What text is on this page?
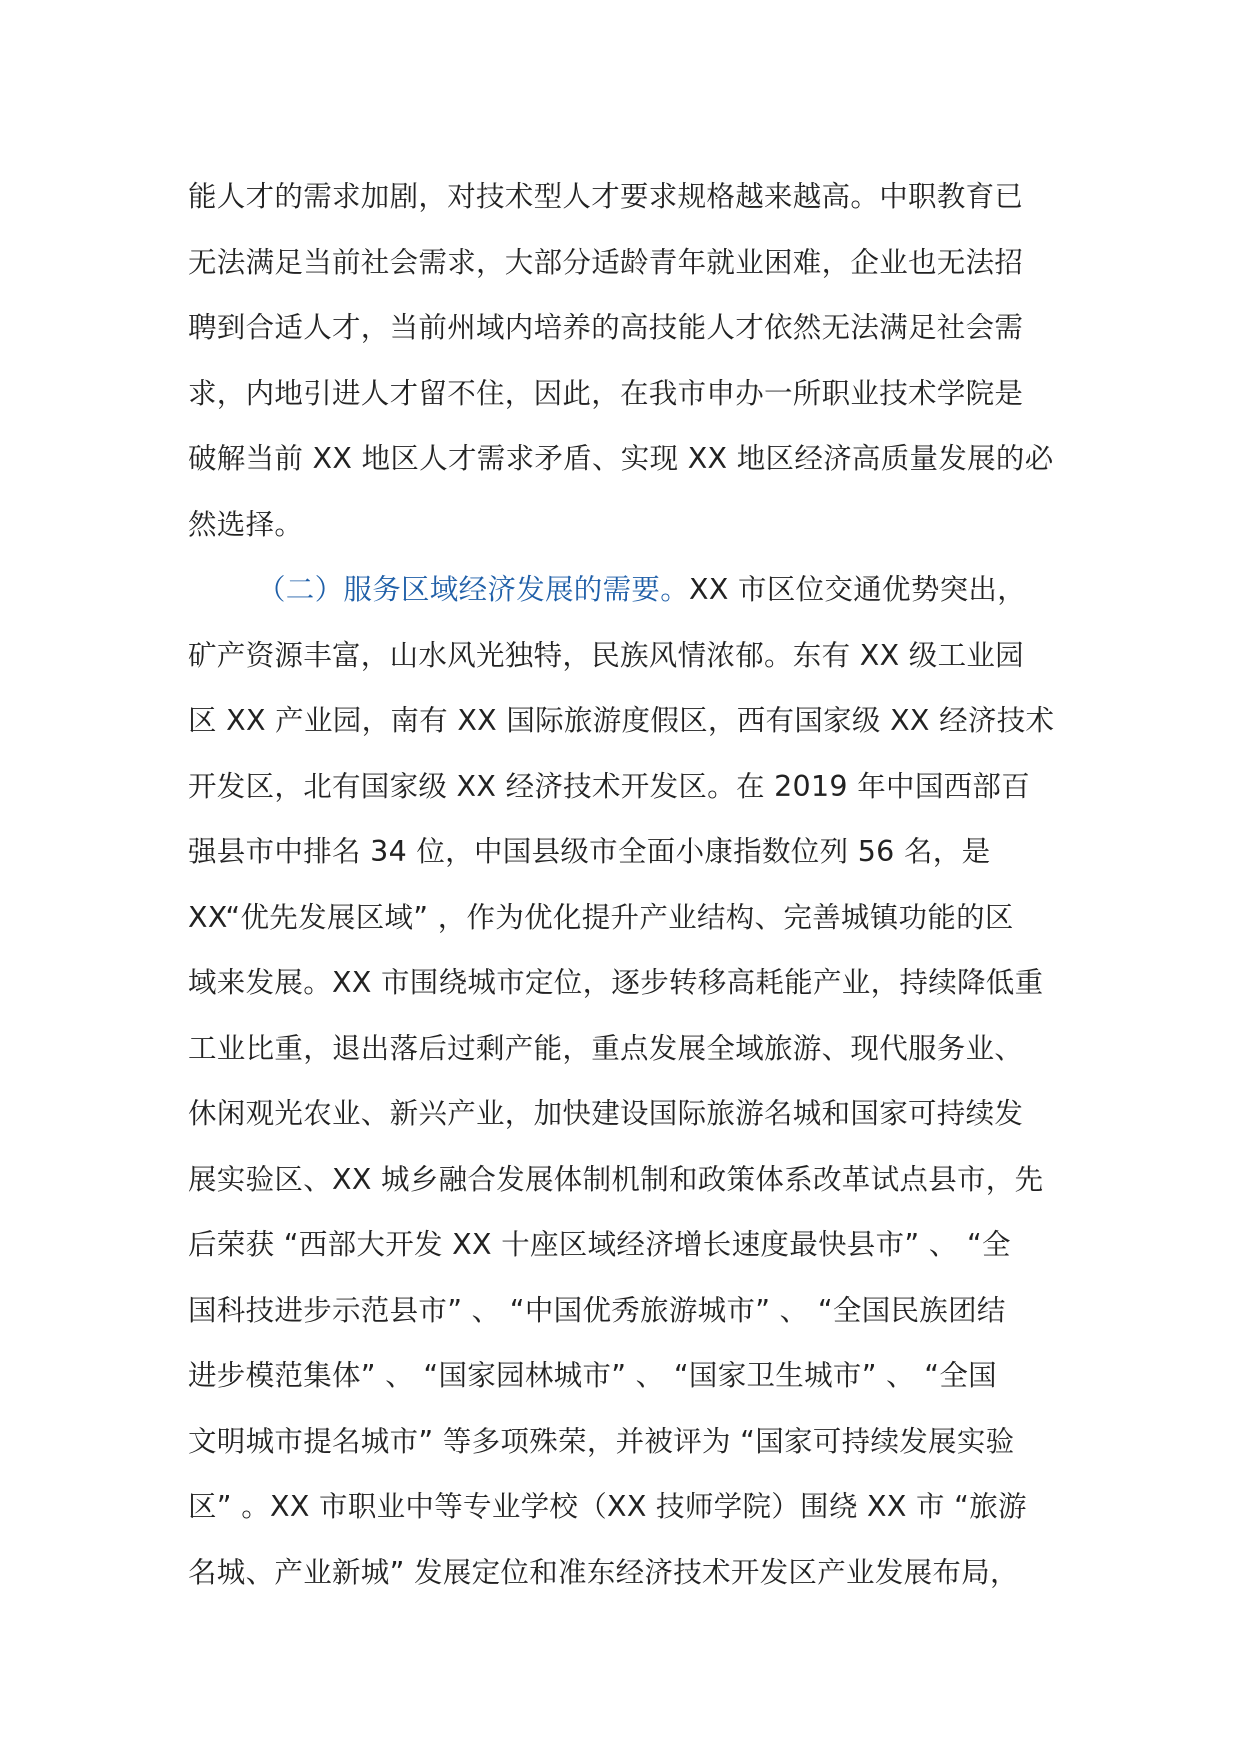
能人才的需求加剧，对技术型人才要求规格越来越高。中职教育已
无法满足当前社会需求，大部分适龄青年就业困难，企业也无法招
聘到合适人才，当前州域内培养的高技能人才依然无法满足社会需
求，内地引进人才留不住，因此，在我市申办一所职业技术学院是
破解当前 XX 地区人才需求矛盾、实现 XX 地区经济高质量发展的必
然选择。
（二）服务区域经济发展的需要。XX 市区位交通优势突出，
矿产资源丰富，山水风光独特，民族风情浓郁。东有 XX 级工业园
区 XX 产业园，南有 XX 国际旅游度假区，西有国家级 XX 经济技术
开发区，北有国家级 XX 经济技术开发区。在 2019 年中国西部百
强县市中排名 34 位，中国县级市全面小康指数位列 56 名，是
XX“优先发展区域” ，作为优化提升产业结构、完善城镇功能的区
域来发展。XX 市围绕城市定位，逐步转移高耗能产业，持续降低重
工业比重，退出落后过剩产能，重点发展全域旅游、现代服务业、
休闲观光农业、新兴产业，加快建设国际旅游名城和国家可持续发
展实验区、XX 城乡融合发展体制机制和政策体系改革试点县市，先
后荣获 “西部大开发 XX 十座区域经济增长速度最快县市” 、 “全
国科技进步示范县市” 、 “中国优秀旅游城市” 、 “全国民族团结
进步模范集体” 、 “国家园林城市” 、 “国家卫生城市” 、 “全国
文明城市提名城市” 等多项殊荣，并被评为 “国家可持续发展实验
区” 。XX 市职业中等专业学校（XX 技师学院）围绕 XX 市 “旅游
名城、产业新城” 发展定位和准东经济技术开发区产业发展布局，
